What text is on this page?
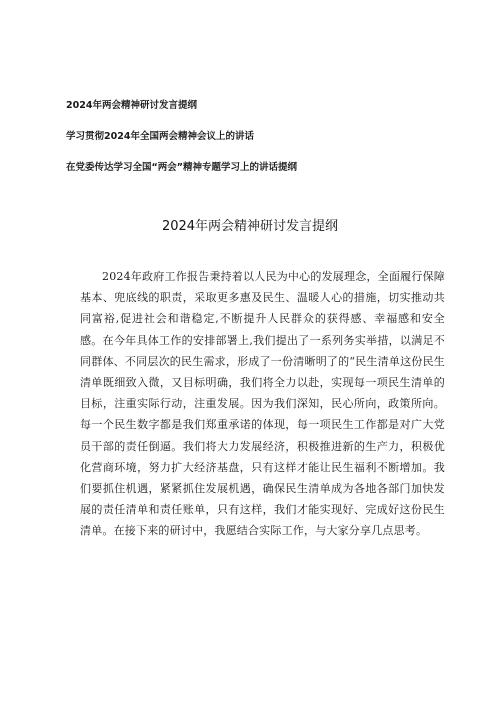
2024年两会精神研讨发言提纲
学习贯彻2024年全国两会精神会议上的讲话
在党委传达学习全国“两会”精神专题学习上的讲话提纲
2024年两会精神研讨发言提纲

2024年政府工作报告秉持着以人民为中心的发展理念，全面履行保障基本、兜底线的职责，采取更多惠及民生、温暖人心的措施，切实推动共同富裕,促进社会和谐稳定,不断提升人民群众的获得感、幸福感和安全感。在今年具体工作的安排部署上,我们提出了一系列务实举措，以满足不同群体、不同层次的民生需求，形成了一份清晰明了的“民生清单这份民生清单既细致入微，又目标明确，我们将全力以赴，实现每一项民生清单的目标，注重实际行动，注重发展。因为我们深知，民心所向，政策所向。每一个民生数字都是我们郑重承诺的体现，每一项民生工作都是对广大党员干部的责任倒逼。我们将大力发展经济，积极推进新的生产力，积极优化营商环境，努力扩大经济基盘，只有这样才能让民生福利不断增加。我们要抓住机遇，紧紧抓住发展机遇，确保民生清单成为各地各部门加快发展的责任清单和责任账单，只有这样，我们才能实现好、完成好这份民生清单。在接下来的研讨中，我愿结合实际工作，与大家分享几点思考。
